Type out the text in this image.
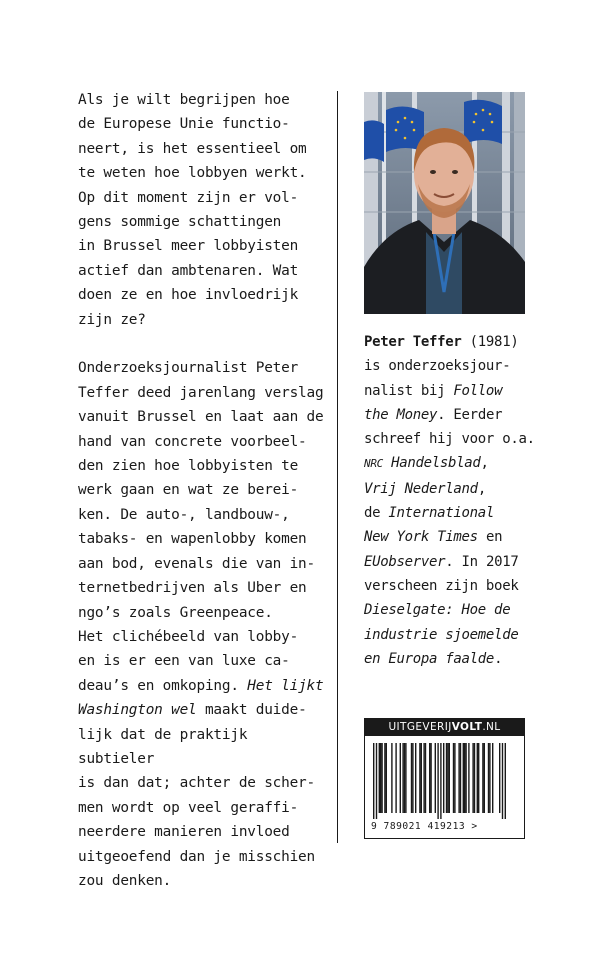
Als je wilt begrijpen hoe
de Europese Unie functio-
neert, is het essentieel om
te weten hoe lobbyen werkt.
Op dit moment zijn er vol-
gens sommige schattingen
in Brussel meer lobbyisten
actief dan ambtenaren. Wat
doen ze en hoe invloedrijk
zijn ze?

Onderzoeksjournalist Peter
Teffer deed jarenlang verslag
vanuit Brussel en laat aan de
hand van concrete voorbeel-
den zien hoe lobbyisten te
werk gaan en wat ze berei-
ken. De auto-, landbouw-,
tabaks- en wapenlobby komen
aan bod, evenals die van in-
ternetbedrijven als Uber en
ngo’s zoals Greenpeace.
Het clichébeeld van lobby-
en is er een van luxe ca-
deau’s en omkoping. Het lijkt
Washington wel maakt duide-
lijk dat de praktijk subtieler
is dan dat; achter de scher-
men wordt op veel geraffi-
neerdere manieren invloed
uitgeoefend dan je misschien
zou denken.

Peter Teffer (1981)
is onderzoeksjour-
nalist bij Follow
the Money. Eerder
schreef hij voor o.a.
NRC Handelsblad,
Vrij Nederland,
de International
New York Times en
EUobserver. In 2017
verscheen zijn boek
Dieselgate: Hoe de
industrie sjoemelde
en Europa faalde.
UITGEVERIJVOLT.NL
9 789021 419213 >
